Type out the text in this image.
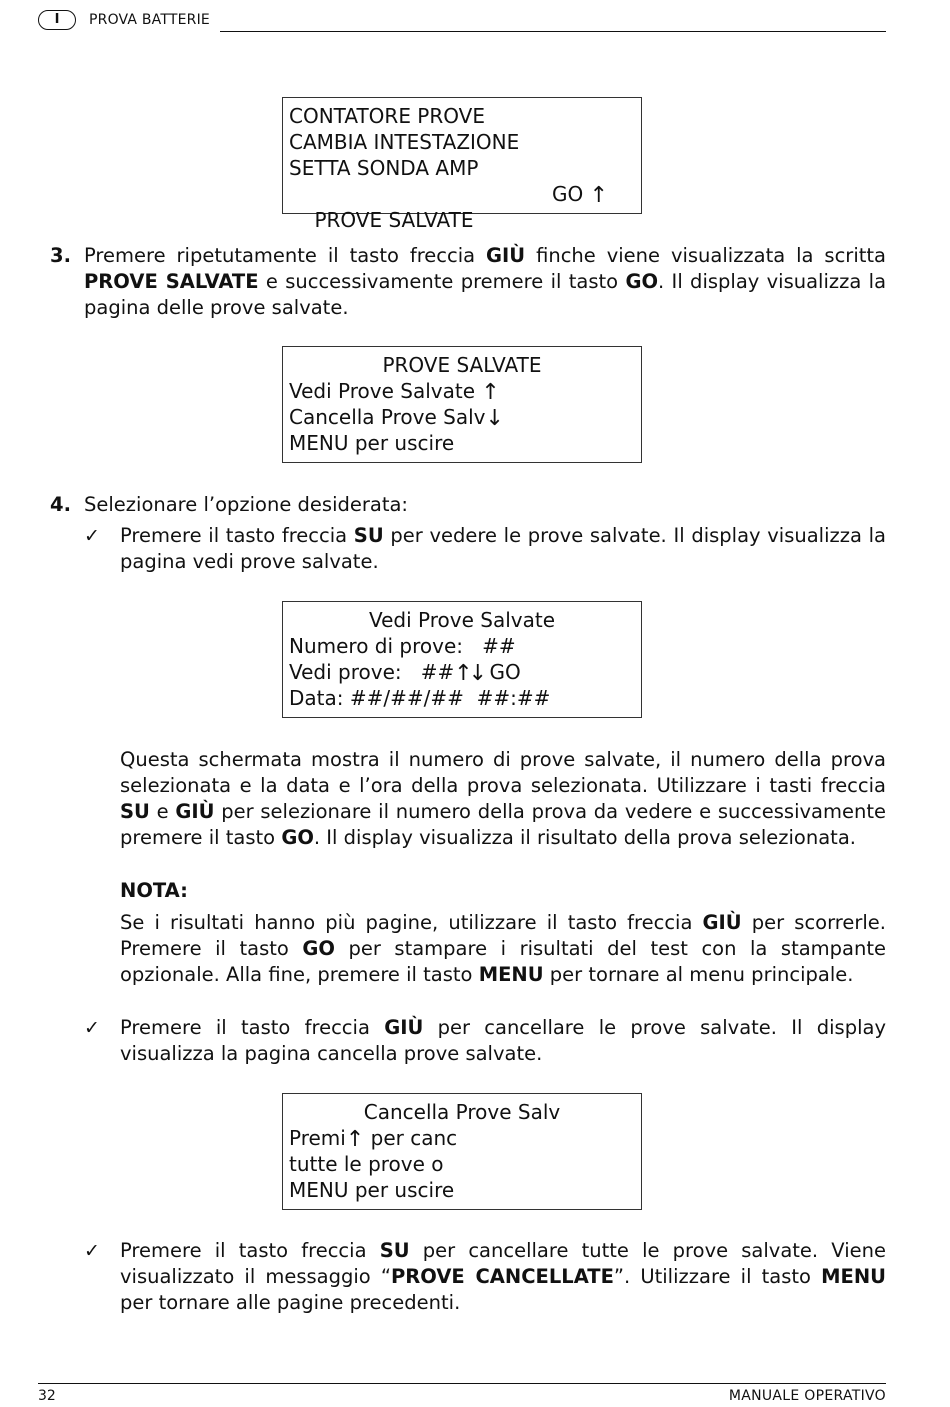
I	PROVA BATTERIE
CONTATORE PROVE
CAMBIA INTESTAZIONE
SETTA SONDA AMP

PROVE SALVATE

GO ↑

3. Premere ripetutamente il tasto freccia GIÙ finche viene visualizzata la scritta PROVE SALVATE e successivamente premere il tasto GO. Il display visualizza la pagina delle prove salvate.
PROVE SALVATE
Vedi Prove Salvate ↑
Cancella Prove Salv↓
MENU per uscire
4. Selezionare l’opzione desiderata:
✓ Premere il tasto freccia SU per vedere le prove salvate. Il display visualizza la pagina vedi prove salvate.
Vedi Prove Salvate
Numero di prove:   ##
Vedi prove:   ##↑↓ GO
Data: ##/##/##  ##:##
Questa schermata mostra il numero di prove salvate, il numero della prova selezionata e la data e l’ora della prova selezionata. Utilizzare i tasti freccia SU e GIÙ per selezionare il numero della prova da vedere e successivamente premere il tasto GO. Il display visualizza il risultato della prova selezionata.
NOTA:
Se i risultati hanno più pagine, utilizzare il tasto freccia GIÙ per scorrerle. Premere il tasto GO per stampare i risultati del test con la stampante opzionale. Alla fine, premere il tasto MENU per tornare al menu principale.
✓ Premere il tasto freccia GIÙ per cancellare le prove salvate. Il display visualizza la pagina cancella prove salvate.
Cancella Prove Salv
Premi↑ per canc
tutte le prove o
MENU per uscire
✓ Premere il tasto freccia SU per cancellare tutte le prove salvate. Viene visualizzato il messaggio “PROVE CANCELLATE”. Utilizzare il tasto MENU per tornare alle pagine precedenti.
32	MANUALE OPERATIVO
